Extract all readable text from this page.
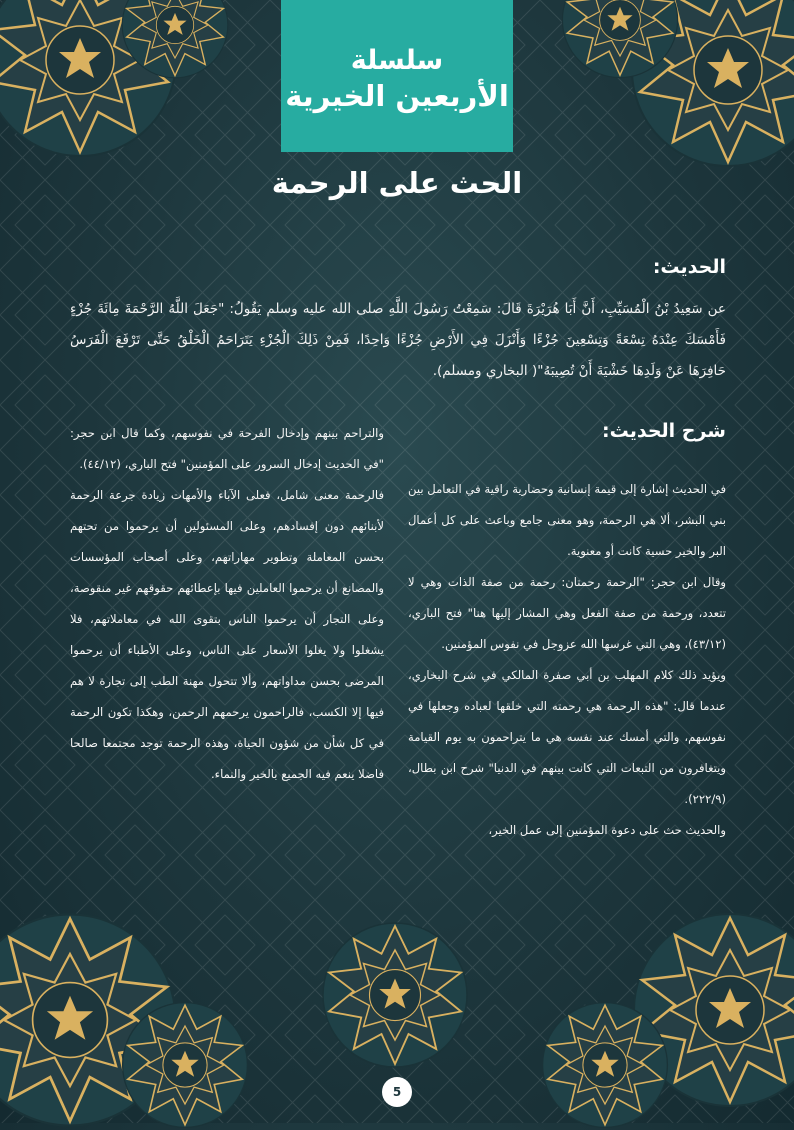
سلسلة
الأربعين الخيرية
الحث على الرحمة
الحديث:

عن سَعِيدُ بْنُ الْمُسَيِّبِ، أَنَّ أَبَا هُرَيْرَةَ قَالَ: سَمِعْتُ رَسُولَ اللَّهِ صلى الله عليه وسلم يَقُولُ: "جَعَلَ اللَّهُ الرَّحْمَةَ مِائَةَ جُزْءٍ فَأَمْسَكَ عِنْدَهُ تِسْعَةً وَتِسْعِينَ جُزْءًا وَأَنْزَلَ فِي الأَرْضِ جُزْءًا وَاحِدًا، فَمِنْ ذَلِكَ الْجُزْءِ يَتَرَاحَمُ الْخَلْقُ حَتَّى تَرْفَعَ الْفَرَسُ حَافِرَهَا عَنْ وَلَدِهَا خَشْيَةَ أَنْ تُصِيبَهُ"( البخاري ومسلم).

شرح الحديث:

في الحديث إشارة إلى قيمة إنسانية وحضارية راقية في التعامل بين بني البشر، ألا هي الرحمة، وهو معنى جامع وباعث على كل أعمال البر والخير حسية كانت أو معنوية.

وقال ابن حجر: "الرحمة رحمتان: رحمة من صفة الذات وهي لا تتعدد، ورحمة من صفة الفعل وهي المشار إليها هنا" فتح الباري، (٤٣/١٢)، وهي التي غرسها الله عزوجل في نفوس المؤمنين.

ويؤيد ذلك كلام المهلب بن أبي صفرة المالكي في شرح البخاري، عندما قال: "هذه الرحمة هي رحمته التي خلقها لعباده وجعلها في نفوسهم، والتي أمسك عند نفسه هي ما يتراحمون به يوم القيامة ويتغافرون من التبعات التي كانت بينهم في الدنيا" شرح ابن بطال، (٢٢٢/٩).

والحديث حث على دعوة المؤمنين إلى عمل الخير،

والتراحم بينهم وإدخال الفرحة في نفوسهم، وكما قال ابن حجر: "في الحديث إدخال السرور على المؤمنين" فتح الباري، (٤٤/١٢).

فالرحمة معنى شامل، فعلى الآباء والأمهات زيادة جرعة الرحمة لأبنائهم دون إفسادهم، وعلى المسئولين أن يرحموا من تحتهم بحسن المعاملة وتطوير مهاراتهم، وعلى أصحاب المؤسسات والمصانع أن يرحموا العاملين فيها بإعطائهم حقوقهم غير منقوصة، وعلى التجار أن يرحموا الناس بتقوى الله في معاملاتهم، فلا يشغلوا ولا يغلوا الأسعار على الناس، وعلى الأطباء أن يرحموا المرضى بحسن مداواتهم، وألا تتحول مهنة الطب إلى تجارة لا هم فيها إلا الكسب، فالراحمون يرحمهم الرحمن، وهكذا تكون الرحمة في كل شأن من شؤون الحياة، وهذه الرحمة توجد مجتمعا صالحا فاضلا ينعم فيه الجميع بالخير والنماء.

5
